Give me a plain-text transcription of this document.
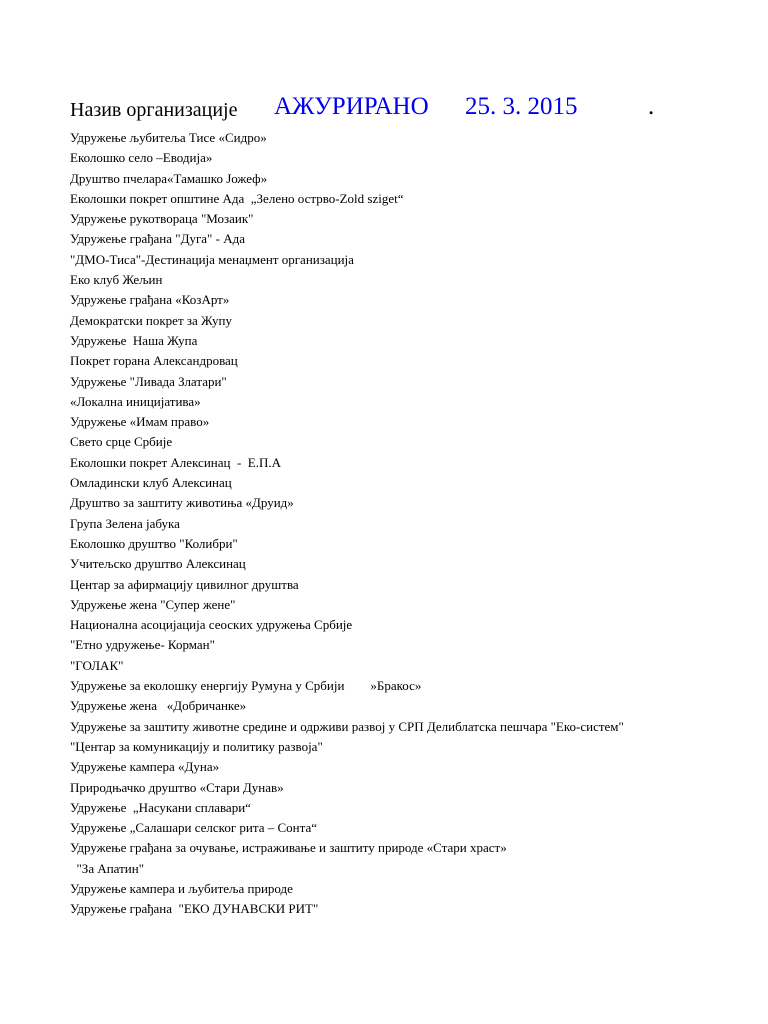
Назив организације АЖУРИРАНО 25. 3. 2015	.
Удружење љубитеља Тисе «Сидро»
Еколошко село –Еводија»
Друштво пчелара«Тамашко Јожеф»
Еколошки покрет општине Ада  „Зелено острво-Zold sziget“
Удружење рукотвораца "Мозаик"
Удружење грађана "Дуга" - Ада
"ДМО-Тиса"-Дестинација менаџмент организација
Еко клуб Жељин
Удружење грађана «КозАрт»
Демократски покрет за Жупу
Удружење  Наша Жупа
Покрет горана Александровац
Удружење "Ливада Златари"
«Локална иницијатива»
Удружење «Имам право»
Свето срце Србије
Еколошки покрет Алексинац  -  Е.П.А
Омладински клуб Алексинац
Друштво за заштиту животиња «Друид»
Група Зелена јабука
Еколошко друштво "Колибри"
Учитељско друштво Алексинац
Центар за афирмацију цивилног друштва
Удружење жена "Супер жене"
Национална асоцијација сеоских удружења Србије
"Етно удружење- Корман"
"ГОЛАК"
Удружење за еколошку енергију Румуна у Србији        »Бракос»
Удружење жена   «Добричанке»
Удружење за заштиту животне средине и одрживи развој у СРП Делиблатска пешчара "Еко-систем"
"Центар за комуникацију и политику развоја"
Удружење кампера «Дуна»
Природњачко друштво «Стари Дунав»
Удружење  „Насукани сплавари“
Удружење „Салашари селског рита – Сонта“
Удружење грађана за очување, истраживање и заштиту природе «Стари храст»
"За Апатин"
Удружење кампера и љубитеља природе
Удружење грађана  "ЕКО ДУНАВСКИ РИТ"
